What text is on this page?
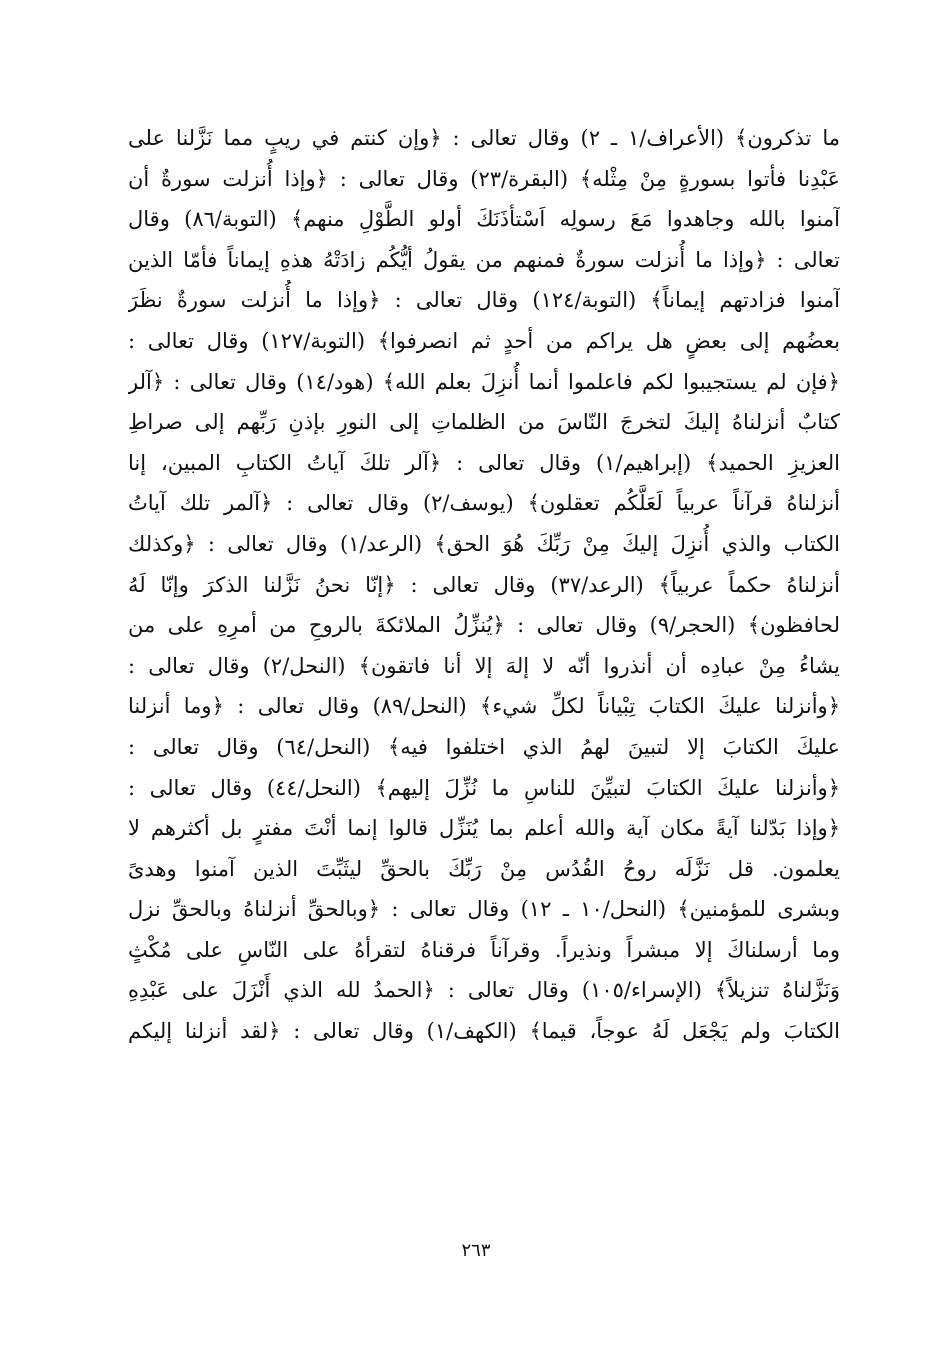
ما تذكرون﴾ (الأعراف/١ ـ ٢) وقال تعالى : ﴿وإن كنتم في ريبٍ مما نَزَّلنا على
عَبْدِنا فأتوا بسورةٍ مِنْ مِثْله﴾ (البقرة/٢٣) وقال تعالى : ﴿وإذا أُنزلت سورةٌ أن
آمنوا بالله وجاهدوا مَعَ رسولِه اَسْتأذَنَكَ أولو الطَّوْلِ منهم﴾ (التوبة/٨٦) وقال
تعالى : ﴿وإذا ما أُنزلت سورةٌ فمنهم من يقولُ أيُّكُم زادَتْهُ هذهِ إيماناً فأمّا الذين
آمنوا فزادتهم إيماناً﴾ (التوبة/١٢٤) وقال تعالى : ﴿وإذا ما أُنزلت سورةٌ نظَرَ
بعضُهم إلى بعضٍ هل يراكم من أحدٍ ثم انصرفوا﴾ (التوبة/١٢٧) وقال تعالى :
﴿فإن لم يستجيبوا لكم فاعلموا أنما أُنزِلَ بعلم الله﴾ (هود/١٤) وقال تعالى : ﴿آلر
كتابٌ أنزلناهُ إليكَ لتخرجَ النّاسَ من الظلماتِ إلى النورِ بإذنِ رَبِّهم إلى صراطِ
العزيزِ الحميد﴾ (إبراهيم/١) وقال تعالى : ﴿آلر تلكَ آياتُ الكتابِ المبين، إنا
أنزلناهُ قرآناً عربياً لَعَلَّكُم تعقلون﴾ (يوسف/٢) وقال تعالى : ﴿آلمر تلك آياتُ
الكتاب والذي أُنزِلَ إليكَ مِنْ رَبِّكَ هُوَ الحق﴾ (الرعد/١) وقال تعالى : ﴿وكذلك
أنزلناهُ حكماً عربياً﴾ (الرعد/٣٧) وقال تعالى : ﴿إنّا نحنُ نَزَّلنا الذكرَ وإنّا لَهُ
لحافظون﴾ (الحجر/٩) وقال تعالى : ﴿يُنزِّلُ الملائكةَ بالروحِ من أمرِهِ على من
يشاءُ مِنْ عبادِه أن أنذروا أنّه لا إلهَ إلا أنا فاتقون﴾ (النحل/٢) وقال تعالى :
﴿وأنزلنا عليكَ الكتابَ تِبْياناً لكلِّ شيء﴾ (النحل/٨٩) وقال تعالى : ﴿وما أنزلنا
عليكَ الكتابَ إلا لتبينَ لهمُ الذي اختلفوا فيه﴾ (النحل/٦٤) وقال تعالى :
﴿وأنزلنا عليكَ الكتابَ لتبيِّنَ للناسِ ما نُزِّلَ إليهم﴾ (النحل/٤٤) وقال تعالى :
﴿وإذا بَدّلنا آيةً مكان آية والله أعلم بما يُنَزِّل قالوا إنما أنْتَ مفترٍ بل أكثرهم لا
يعلمون. قل نَزَّلَه روحُ القُدُس مِنْ رَبِّكَ بالحقِّ ليثَبِّتَ الذين آمنوا وهدىً
وبشرى للمؤمنين﴾ (النحل/١٠ ـ ١٢) وقال تعالى : ﴿وبالحقِّ أنزلناهُ وبالحقِّ نزل
وما أرسلناكَ إلا مبشراً ونذيراً. وقرآناً فرقناهُ لتقرأهُ على النّاسِ على مُكْثٍ
وَنَزَّلناهُ تنزيلاً﴾ (الإسراء/١٠٥) وقال تعالى : ﴿الحمدُ لله الذي أَنْزَلَ على عَبْدِهِ
الكتابَ ولم يَجْعَل لَهُ عوجاً، قيما﴾ (الكهف/١) وقال تعالى : ﴿لقد أنزلنا إليكم
٢٦٣
